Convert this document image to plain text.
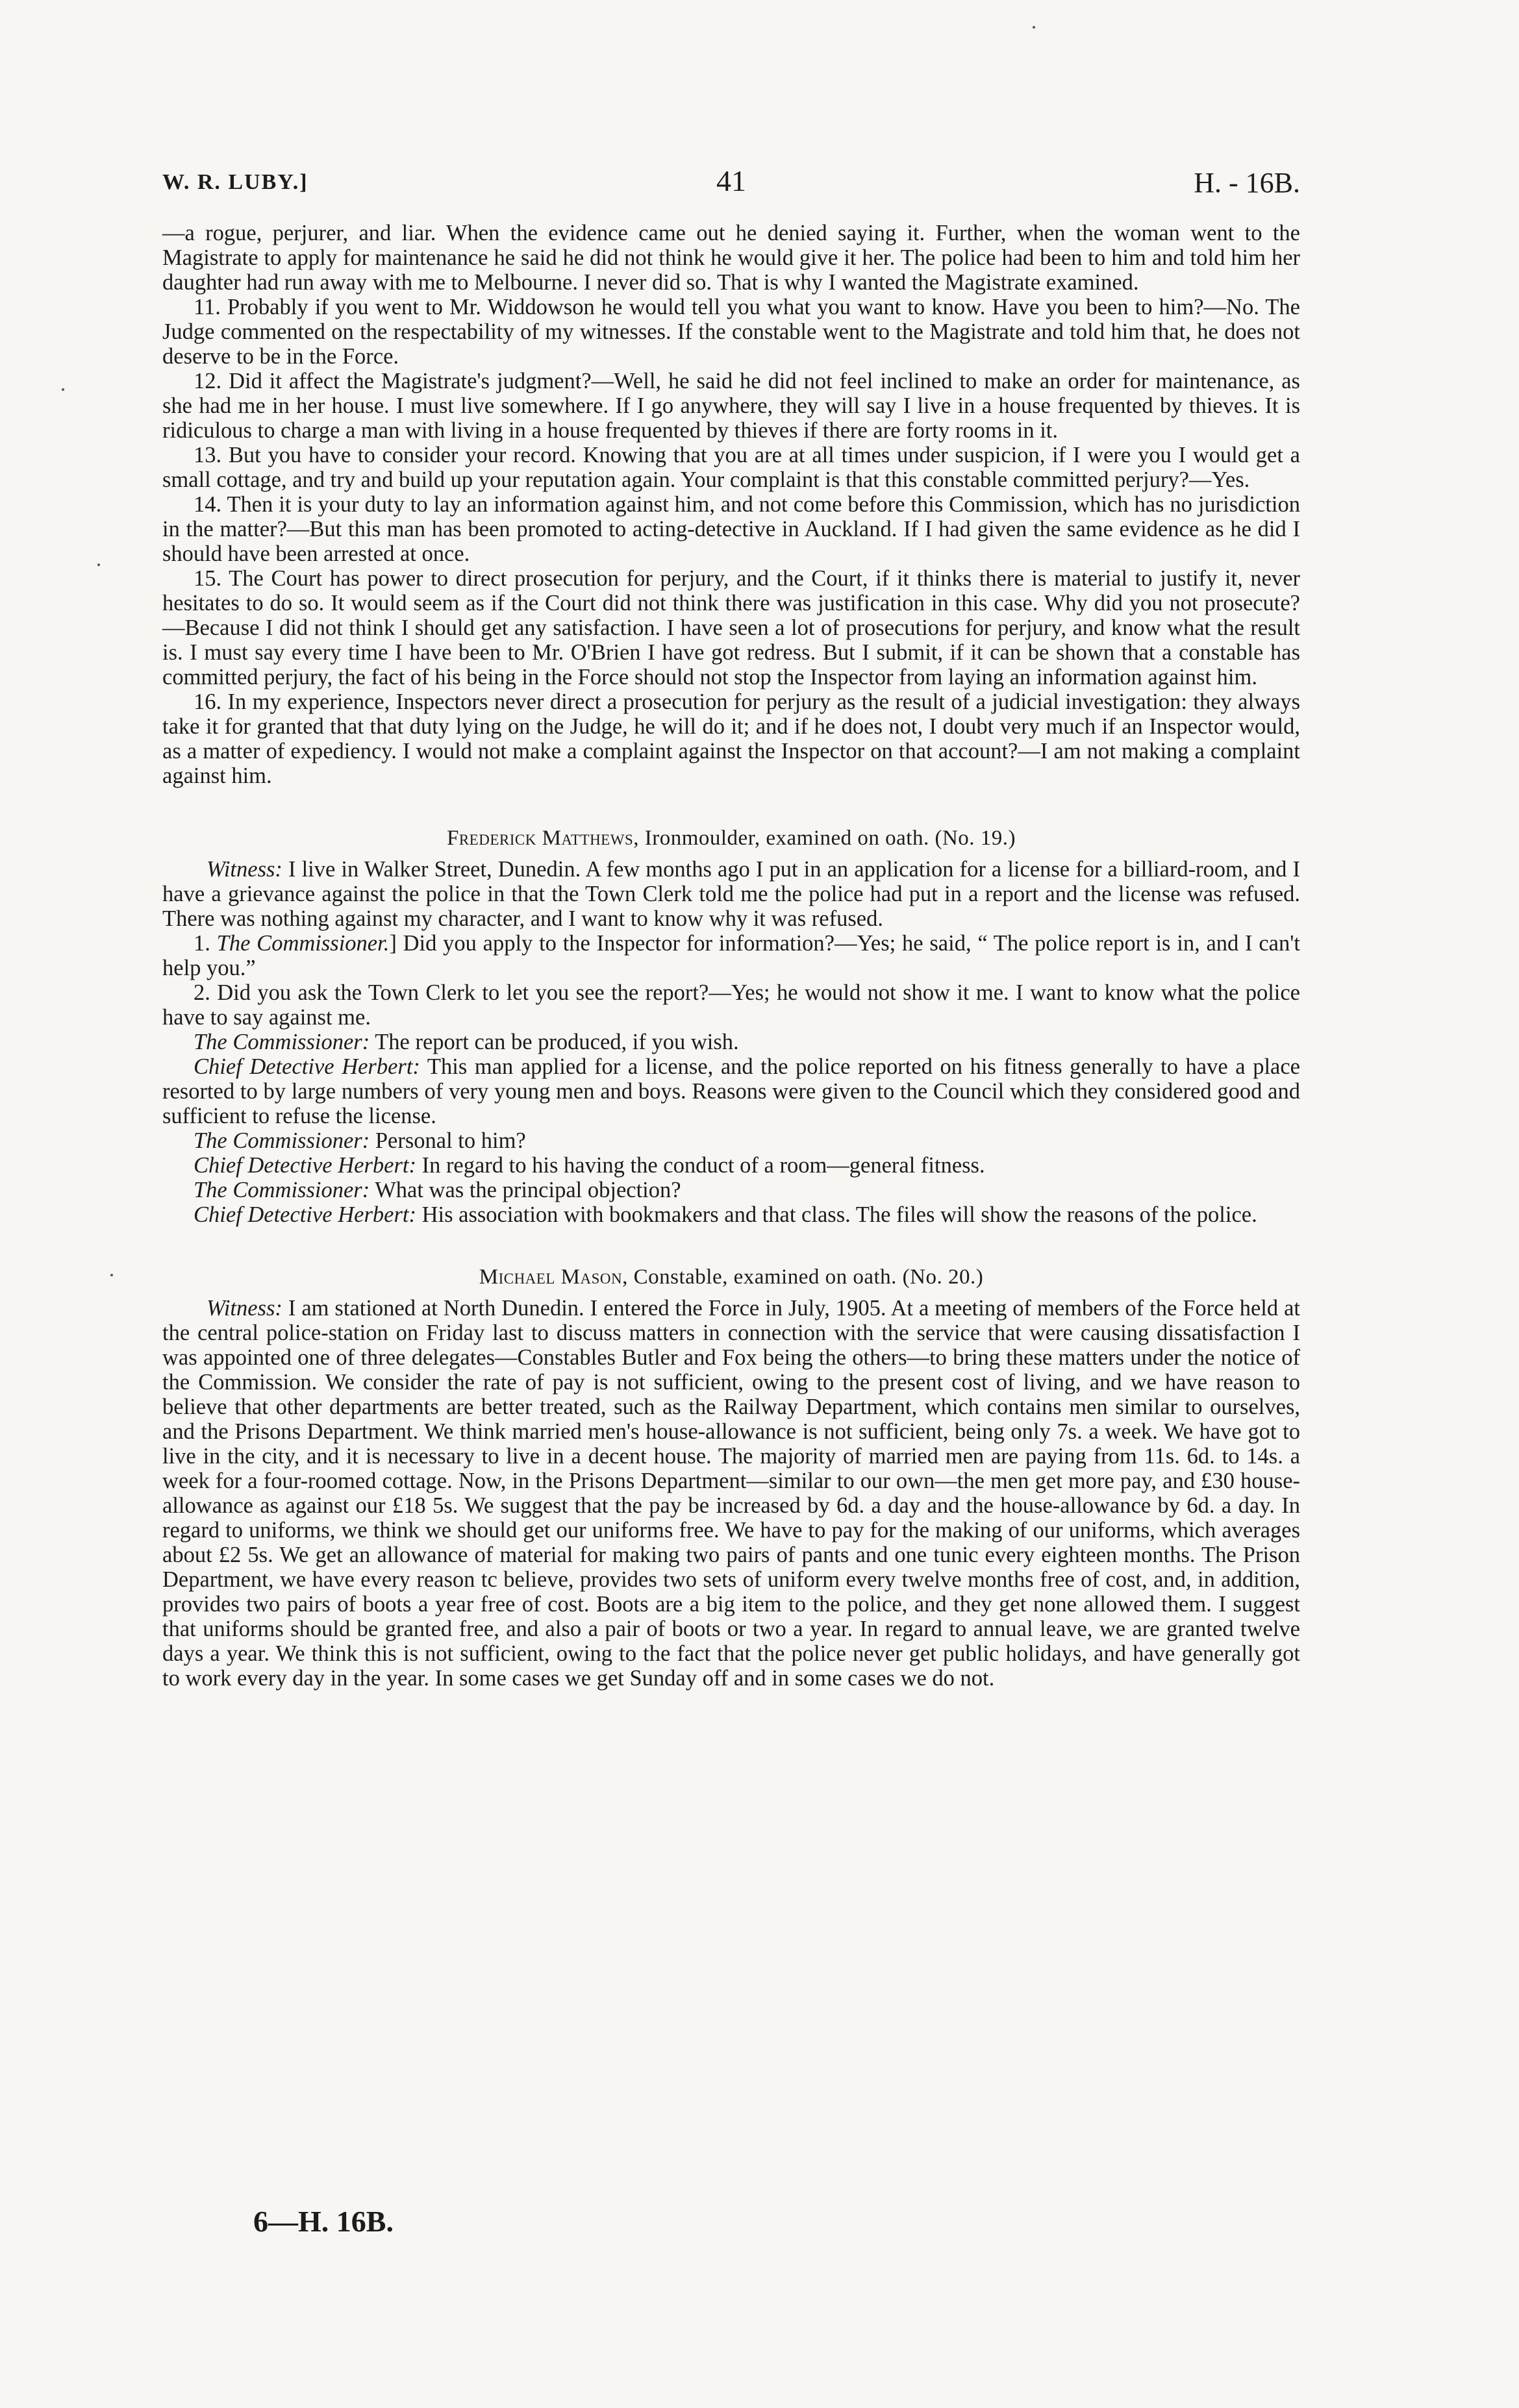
W. R. LUBY.]	41	H. - 16B.

—a rogue, perjurer, and liar. When the evidence came out he denied saying it. Further, when the woman went to the Magistrate to apply for maintenance he said he did not think he would give it her. The police had been to him and told him her daughter had run away with me to Melbourne. I never did so. That is why I wanted the Magistrate examined.

11. Probably if you went to Mr. Widdowson he would tell you what you want to know. Have you been to him?—No. The Judge commented on the respectability of my witnesses. If the constable went to the Magistrate and told him that, he does not deserve to be in the Force.

12. Did it affect the Magistrate's judgment?—Well, he said he did not feel inclined to make an order for maintenance, as she had me in her house. I must live somewhere. If I go anywhere, they will say I live in a house frequented by thieves. It is ridiculous to charge a man with living in a house frequented by thieves if there are forty rooms in it.

13. But you have to consider your record. Knowing that you are at all times under suspicion, if I were you I would get a small cottage, and try and build up your reputation again. Your complaint is that this constable committed perjury?—Yes.

14. Then it is your duty to lay an information against him, and not come before this Commission, which has no jurisdiction in the matter?—But this man has been promoted to acting-detective in Auckland. If I had given the same evidence as he did I should have been arrested at once.

15. The Court has power to direct prosecution for perjury, and the Court, if it thinks there is material to justify it, never hesitates to do so. It would seem as if the Court did not think there was justification in this case. Why did you not prosecute?—Because I did not think I should get any satisfaction. I have seen a lot of prosecutions for perjury, and know what the result is. I must say every time I have been to Mr. O'Brien I have got redress. But I submit, if it can be shown that a constable has committed perjury, the fact of his being in the Force should not stop the Inspector from laying an information against him.

16. In my experience, Inspectors never direct a prosecution for perjury as the result of a judicial investigation: they always take it for granted that that duty lying on the Judge, he will do it; and if he does not, I doubt very much if an Inspector would, as a matter of expediency. I would not make a complaint against the Inspector on that account?—I am not making a complaint against him.

Frederick Matthews, Ironmoulder, examined on oath. (No. 19.)

Witness: I live in Walker Street, Dunedin. A few months ago I put in an application for a license for a billiard-room, and I have a grievance against the police in that the Town Clerk told me the police had put in a report and the license was refused. There was nothing against my character, and I want to know why it was refused.

1. The Commissioner.] Did you apply to the Inspector for information?—Yes; he said, “ The police report is in, and I can't help you.”

2. Did you ask the Town Clerk to let you see the report?—Yes; he would not show it me. I want to know what the police have to say against me.

The Commissioner: The report can be produced, if you wish.

Chief Detective Herbert: This man applied for a license, and the police reported on his fitness generally to have a place resorted to by large numbers of very young men and boys. Reasons were given to the Council which they considered good and sufficient to refuse the license.

The Commissioner: Personal to him?

Chief Detective Herbert: In regard to his having the conduct of a room—general fitness.

The Commissioner: What was the principal objection?

Chief Detective Herbert: His association with bookmakers and that class. The files will show the reasons of the police.

Michael Mason, Constable, examined on oath. (No. 20.)

Witness: I am stationed at North Dunedin. I entered the Force in July, 1905. At a meeting of members of the Force held at the central police-station on Friday last to discuss matters in connection with the service that were causing dissatisfaction I was appointed one of three delegates—Constables Butler and Fox being the others—to bring these matters under the notice of the Commission. We consider the rate of pay is not sufficient, owing to the present cost of living, and we have reason to believe that other departments are better treated, such as the Railway Department, which contains men similar to ourselves, and the Prisons Department. We think married men's house-allowance is not sufficient, being only 7s. a week. We have got to live in the city, and it is necessary to live in a decent house. The majority of married men are paying from 11s. 6d. to 14s. a week for a four-roomed cottage. Now, in the Prisons Department—similar to our own—the men get more pay, and £30 house-allowance as against our £18 5s. We suggest that the pay be increased by 6d. a day and the house-allowance by 6d. a day. In regard to uniforms, we think we should get our uniforms free. We have to pay for the making of our uniforms, which averages about £2 5s. We get an allowance of material for making two pairs of pants and one tunic every eighteen months. The Prison Department, we have every reason tc believe, provides two sets of uniform every twelve months free of cost, and, in addition, provides two pairs of boots a year free of cost. Boots are a big item to the police, and they get none allowed them. I suggest that uniforms should be granted free, and also a pair of boots or two a year. In regard to annual leave, we are granted twelve days a year. We think this is not sufficient, owing to the fact that the police never get public holidays, and have generally got to work every day in the year. In some cases we get Sunday off and in some cases we do not.

6—H. 16B.
